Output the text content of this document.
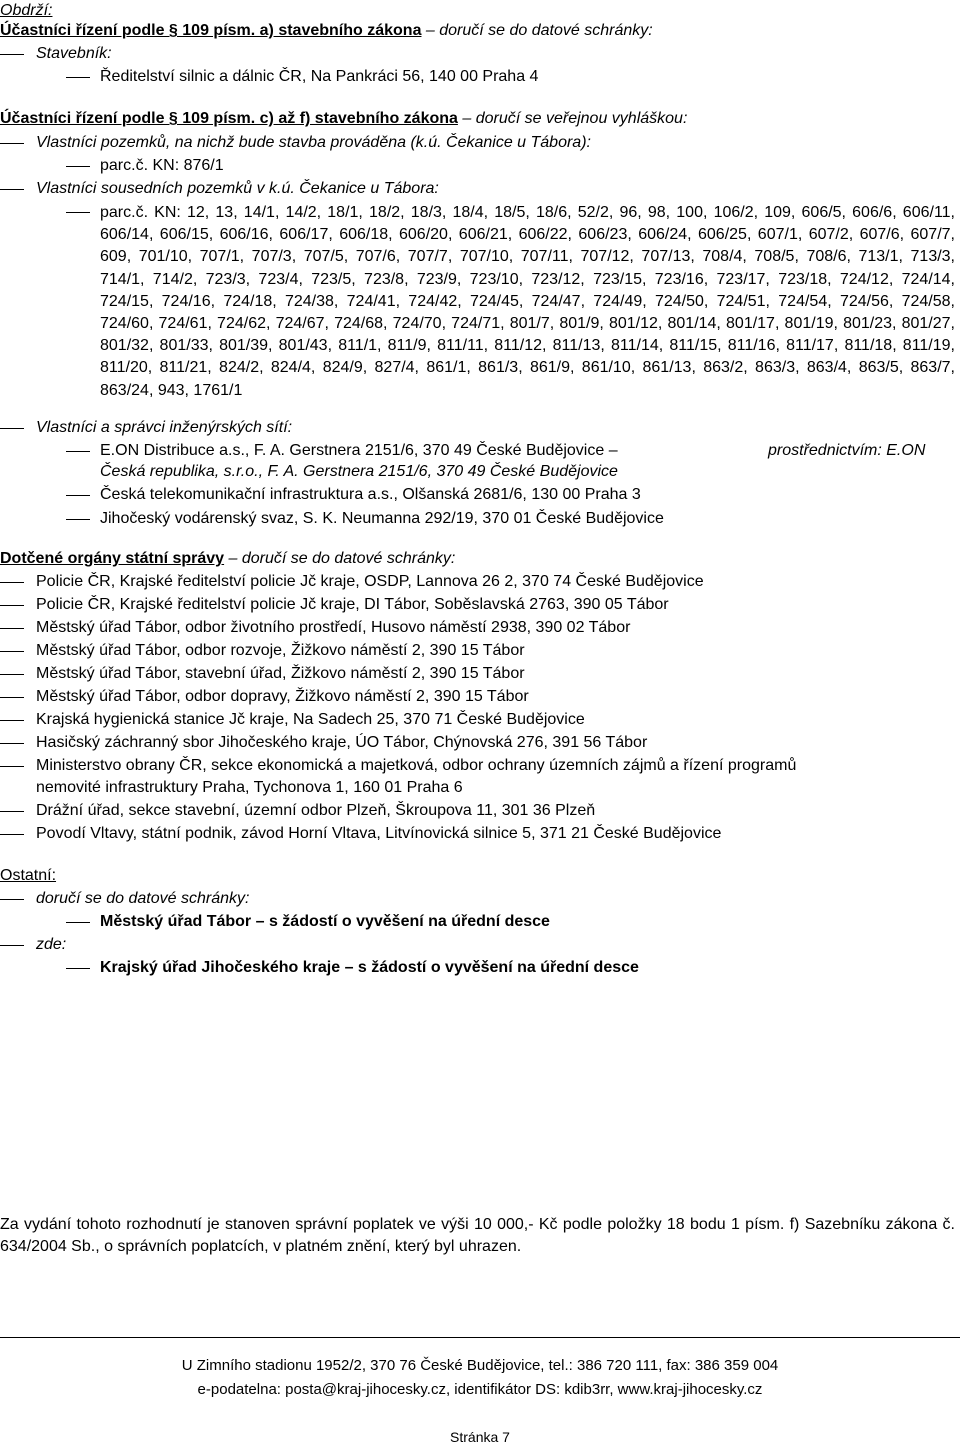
Obdrží:
Účastníci řízení podle § 109 písm. a) stavebního zákona – doručí se do datové schránky:
Stavebník:
Ředitelství silnic a dálnic ČR, Na Pankráci 56, 140 00 Praha 4
Účastníci řízení podle § 109 písm. c) až f) stavebního zákona – doručí se veřejnou vyhláškou:
Vlastníci pozemků, na nichž bude stavba prováděna (k.ú. Čekanice u Tábora):
parc.č. KN: 876/1
Vlastníci sousedních pozemků v k.ú. Čekanice u Tábora:
parc.č. KN: 12, 13, 14/1, 14/2, 18/1, 18/2, 18/3, 18/4, 18/5, 18/6, 52/2, 96, 98, 100, 106/2, 109, 606/5, 606/6, 606/11, 606/14, 606/15, 606/16, 606/17, 606/18, 606/20, 606/21, 606/22, 606/23, 606/24, 606/25, 607/1, 607/2, 607/6, 607/7, 609, 701/10, 707/1, 707/3, 707/5, 707/6, 707/7, 707/10, 707/11, 707/12, 707/13, 708/4, 708/5, 708/6, 713/1, 713/3, 714/1, 714/2, 723/3, 723/4, 723/5, 723/8, 723/9, 723/10, 723/12, 723/15, 723/16, 723/17, 723/18, 724/12, 724/14, 724/15, 724/16, 724/18, 724/38, 724/41, 724/42, 724/45, 724/47, 724/49, 724/50, 724/51, 724/54, 724/56, 724/58, 724/60, 724/61, 724/62, 724/67, 724/68, 724/70, 724/71, 801/7, 801/9, 801/12, 801/14, 801/17, 801/19, 801/23, 801/27, 801/32, 801/33, 801/39, 801/43, 811/1, 811/9, 811/11, 811/12, 811/13, 811/14, 811/15, 811/16, 811/17, 811/18, 811/19, 811/20, 811/21, 824/2, 824/4, 824/9, 827/4, 861/1, 861/3, 861/9, 861/10, 861/13, 863/2, 863/3, 863/4, 863/5, 863/7, 863/24, 943, 1761/1
Vlastníci a správci inženýrských sítí:
E.ON Distribuce a.s., F. A. Gerstnera 2151/6, 370 49 České Budějovice –	prostřednictvím: E.ON
Česká republika, s.r.o., F. A. Gerstnera 2151/6, 370 49 České Budějovice
Česká telekomunikační infrastruktura a.s., Olšanská 2681/6, 130 00 Praha 3
Jihočeský vodárenský svaz, S. K. Neumanna 292/19, 370 01 České Budějovice
Dotčené orgány státní správy – doručí se do datové schránky:
Policie ČR, Krajské ředitelství policie Jč kraje, OSDP, Lannova 26 2, 370 74 České Budějovice
Policie ČR, Krajské ředitelství policie Jč kraje, DI Tábor, Soběslavská 2763, 390 05 Tábor
Městský úřad Tábor, odbor životního prostředí, Husovo náměstí 2938, 390 02 Tábor
Městský úřad Tábor, odbor rozvoje, Žižkovo náměstí 2, 390 15 Tábor
Městský úřad Tábor, stavební úřad, Žižkovo náměstí 2, 390 15 Tábor
Městský úřad Tábor, odbor dopravy, Žižkovo náměstí 2, 390 15 Tábor
Krajská hygienická stanice Jč kraje, Na Sadech 25, 370 71 České Budějovice
Hasičský záchranný sbor Jihočeského kraje, ÚO Tábor, Chýnovská 276, 391 56 Tábor
Ministerstvo obrany ČR, sekce ekonomická a majetková, odbor ochrany územních zájmů a řízení programů
nemovité infrastruktury Praha, Tychonova 1, 160 01 Praha 6
Drážní úřad, sekce stavební, územní odbor Plzeň, Škroupova 11, 301 36 Plzeň
Povodí Vltavy, státní podnik, závod Horní Vltava, Litvínovická silnice 5, 371 21 České Budějovice
Ostatní:
doručí se do datové schránky:
Městský úřad Tábor – s žádostí o vyvěšení na úřední desce
zde:
Krajský úřad Jihočeského kraje – s žádostí o vyvěšení na úřední desce
Za vydání tohoto rozhodnutí je stanoven správní poplatek ve výši 10 000,- Kč podle položky 18 bodu 1 písm. f) Sazebníku zákona č. 634/2004 Sb., o správních poplatcích, v platném znění, který byl uhrazen.
U Zimního stadionu 1952/2, 370 76 České Budějovice, tel.: 386 720 111, fax: 386 359 004
e-podatelna: posta@kraj-jihocesky.cz, identifikátor DS: kdib3rr, www.kraj-jihocesky.cz
Stránka 7
